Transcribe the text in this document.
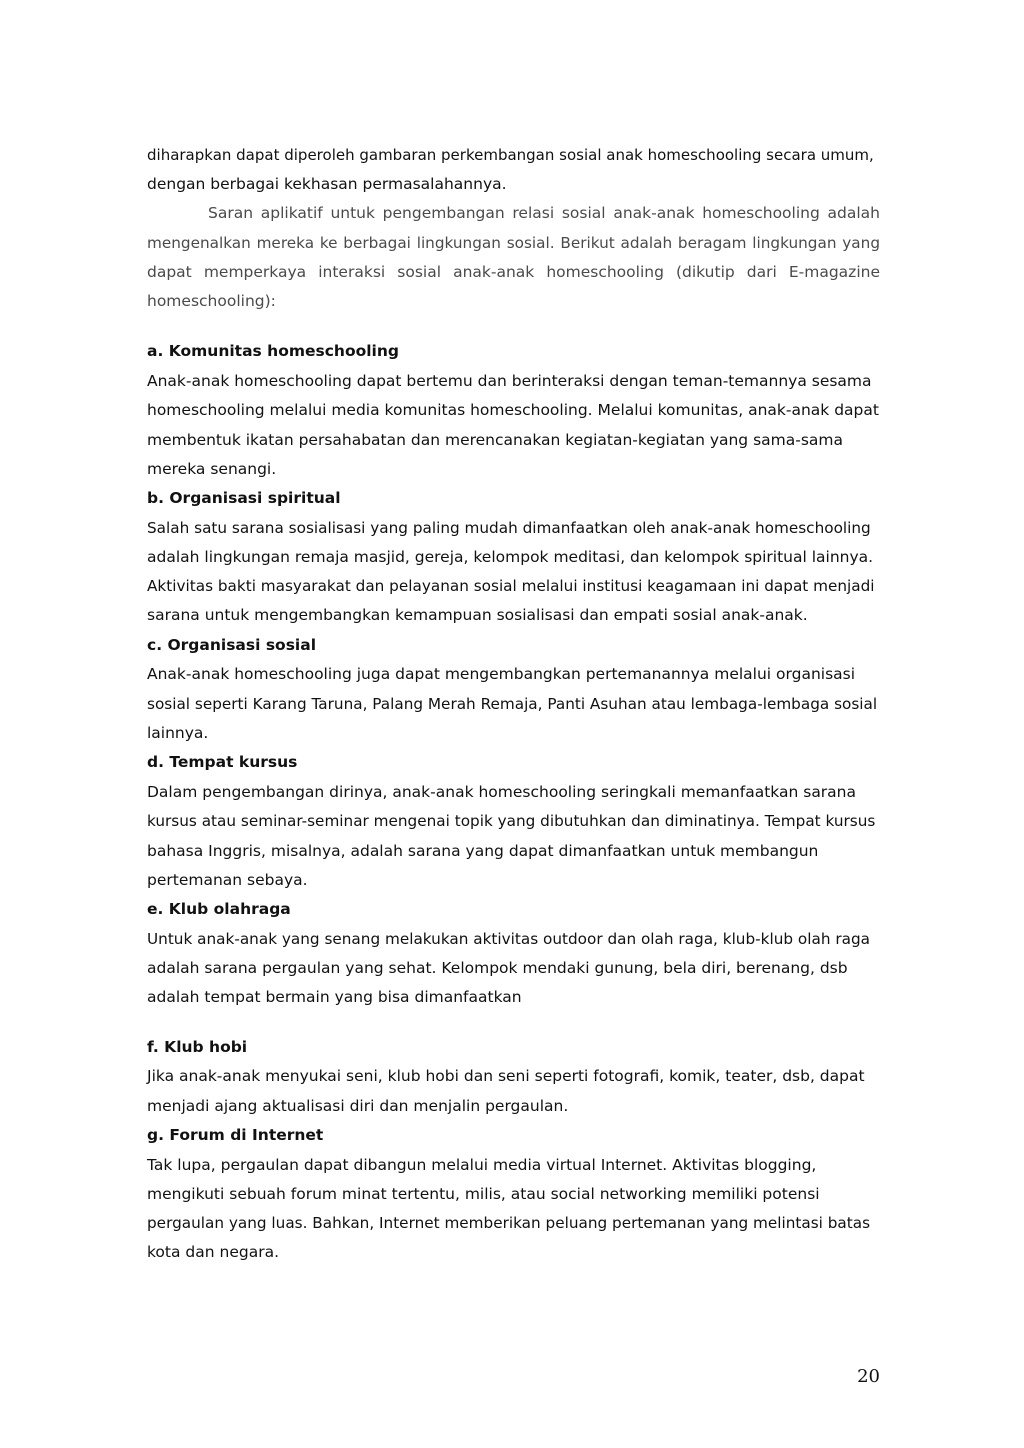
diharapkan dapat diperoleh gambaran perkembangan sosial anak homeschooling secara umum,
dengan berbagai kekhasan permasalahannya.
Saran aplikatif untuk pengembangan relasi sosial anak-anak homeschooling adalah
mengenalkan mereka ke berbagai lingkungan sosial. Berikut adalah beragam lingkungan yang
dapat memperkaya interaksi sosial anak-anak homeschooling (dikutip dari E-magazine
homeschooling):
a. Komunitas homeschooling
Anak-anak homeschooling dapat bertemu dan berinteraksi dengan teman-temannya sesama
homeschooling melalui media komunitas homeschooling. Melalui komunitas, anak-anak dapat
membentuk ikatan persahabatan dan merencanakan kegiatan-kegiatan yang sama-sama
mereka senangi.
b. Organisasi spiritual
Salah satu sarana sosialisasi yang paling mudah dimanfaatkan oleh anak-anak homeschooling
adalah lingkungan remaja masjid, gereja, kelompok meditasi, dan kelompok spiritual lainnya.
Aktivitas bakti masyarakat dan pelayanan sosial melalui institusi keagamaan ini dapat menjadi
sarana untuk mengembangkan kemampuan sosialisasi dan empati sosial anak-anak.
c. Organisasi sosial
Anak-anak homeschooling juga dapat mengembangkan pertemanannya melalui organisasi
sosial seperti Karang Taruna, Palang Merah Remaja, Panti Asuhan atau lembaga-lembaga sosial
lainnya.
d. Tempat kursus
Dalam pengembangan dirinya, anak-anak homeschooling seringkali memanfaatkan sarana
kursus atau seminar-seminar mengenai topik yang dibutuhkan dan diminatinya. Tempat kursus
bahasa Inggris, misalnya, adalah sarana yang dapat dimanfaatkan untuk membangun
pertemanan sebaya.
e. Klub olahraga
Untuk anak-anak yang senang melakukan aktivitas outdoor dan olah raga, klub-klub olah raga
adalah sarana pergaulan yang sehat. Kelompok mendaki gunung, bela diri, berenang, dsb
adalah tempat bermain yang bisa dimanfaatkan
f. Klub hobi
Jika anak-anak menyukai seni, klub hobi dan seni seperti fotografi, komik, teater, dsb, dapat
menjadi ajang aktualisasi diri dan menjalin pergaulan.
g. Forum di Internet
Tak lupa, pergaulan dapat dibangun melalui media virtual Internet. Aktivitas blogging,
mengikuti sebuah forum minat tertentu, milis, atau social networking memiliki potensi
pergaulan yang luas. Bahkan, Internet memberikan peluang pertemanan yang melintasi batas
kota dan negara.
20
